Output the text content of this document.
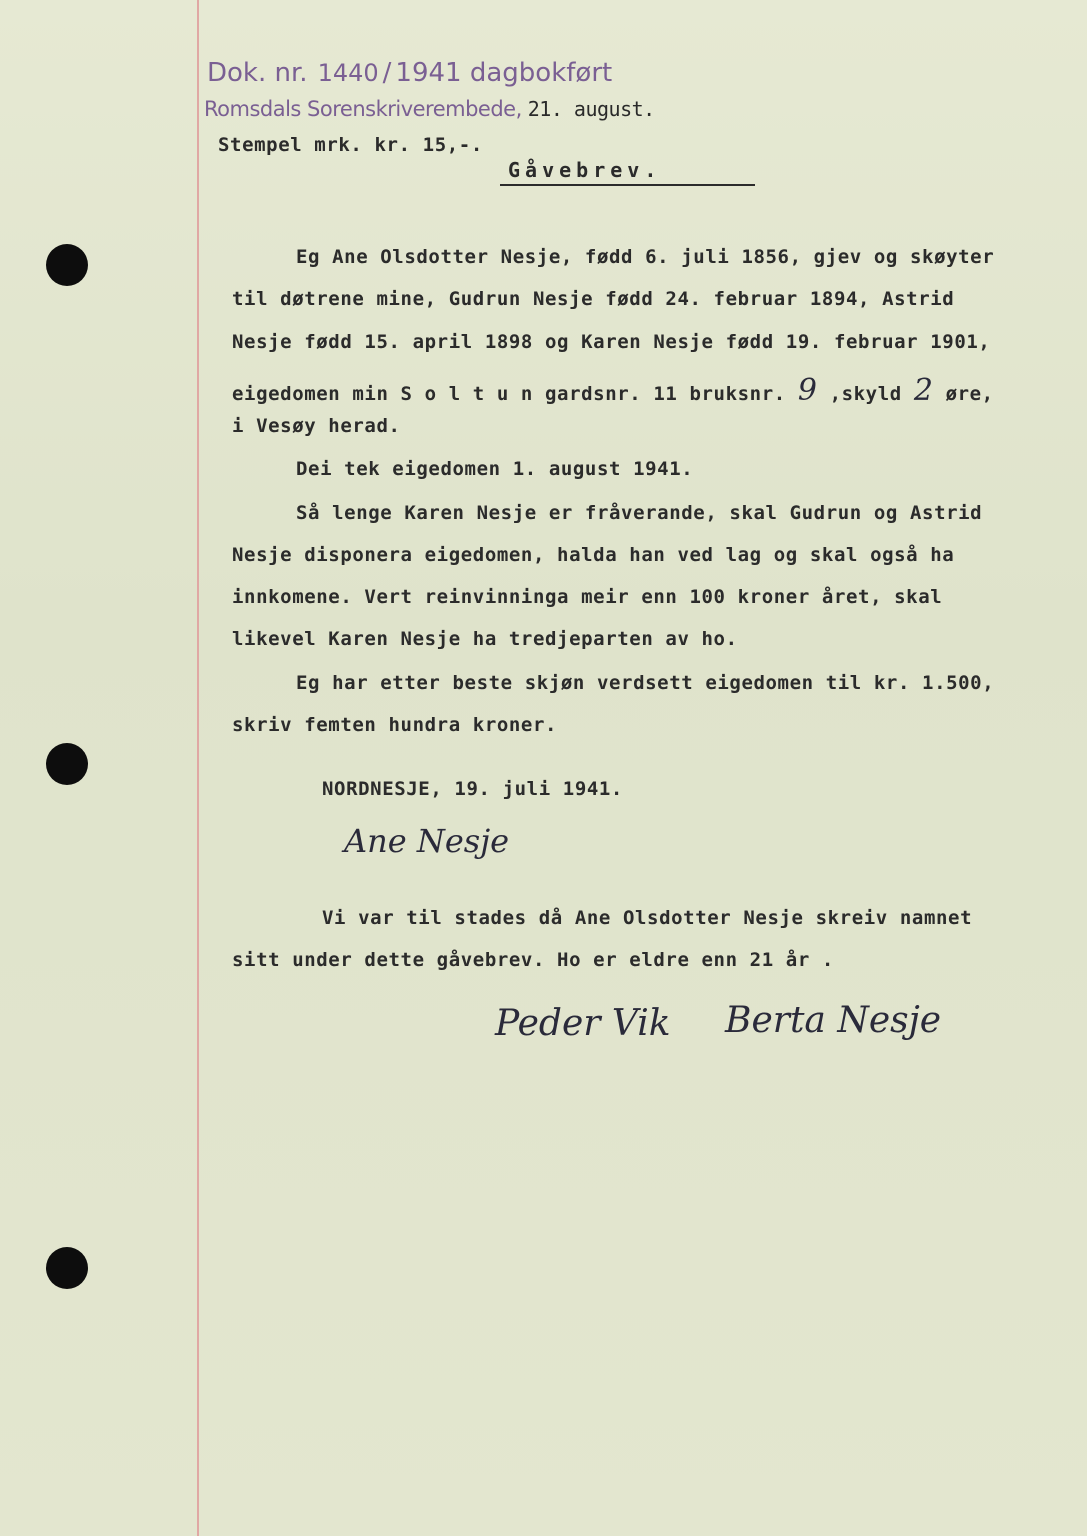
Dok. nr. 1440 / 1941 dagbokført
Romsdals Sorenskriverembede, 21. august.
Stempel mrk. kr. 15,-.
Gåvebrev.
Eg Ane Olsdotter Nesje, fødd 6. juli 1856, gjev og skøyter
til døtrene mine, Gudrun Nesje fødd 24. februar 1894, Astrid
Nesje fødd 15. april 1898 og Karen Nesje fødd 19. februar 1901,
eigedomen min S o l t u n gardsnr. 11 bruksnr. 9 ,skyld 2 øre,
i Vesøy herad.
Dei tek eigedomen 1. august 1941.
Så lenge Karen Nesje er fråverande, skal Gudrun og Astrid
Nesje disponera eigedomen, halda han ved lag og skal også ha
innkomene. Vert reinvinninga meir enn 100 kroner året, skal
likevel Karen Nesje ha tredjeparten av ho.
Eg har etter beste skjøn verdsett eigedomen til kr. 1.500,
skriv femten hundra kroner.
NORDNESJE, 19. juli 1941.
Ane Nesje
Vi var til stades då Ane Olsdotter Nesje skreiv namnet
sitt under dette gåvebrev. Ho er eldre enn 21 år .
Peder Vik Berta Nesje
